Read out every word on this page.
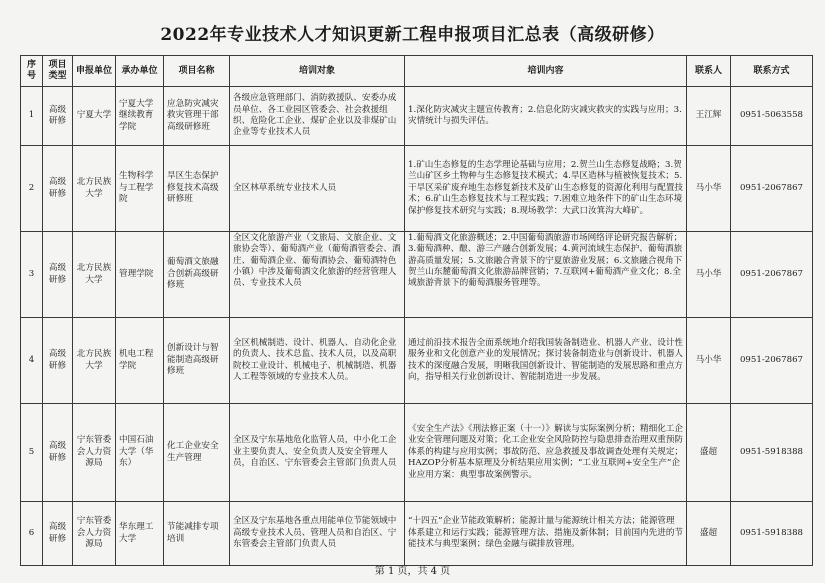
2022年专业技术人才知识更新工程申报项目汇总表（高级研修）
序号	项目类型	申报单位	承办单位	项目名称	培训对象	培训内容	联系人	联系方式
1	高级研修	宁夏大学	宁夏大学继续教育学院	应急防灾减灾救灾管理干部高级研修班	各级应急管理部门、消防救援队、安委办成员单位、各工业园区管委会、社会救援组织、危险化工企业、煤矿企业以及非煤矿山企业等专业技术人员	1.深化防灾减灾主题宣传教育；2.信息化防灾减灾救灾的实践与应用；3.灾情统计与损失评估。	王江辉	0951-5063558
2	高级研修	北方民族大学	生物科学与工程学院	旱区生态保护修复技术高级研修班	全区林草系统专业技术人员	1.矿山生态修复的生态学理论基础与应用；2.贺兰山生态修复战略；3.贺兰山矿区乡土物种与生态修复技术模式；4.旱区造林与植被恢复技术；5.干旱区采矿废弃地生态修复新技术及矿山生态修复的资源化利用与配置技术；6.矿山生态修复技术与工程实践；7.困难立地条件下的矿山生态环境保护修复技术研究与实践；8.现场教学：大武口汝箕沟大峰矿。	马小华	0951-2067867
3	高级研修	北方民族大学	管理学院	葡萄酒文旅融合创新高级研修班	全区文化旅游产业（文旅局、文旅企业、文旅协会等）、葡萄酒产业（葡萄酒管委会、酒庄、葡萄酒企业、葡萄酒协会、葡萄酒特色小镇）中涉及葡萄酒文化旅游的经营管理人员、专业技术人员	1.葡萄酒文化旅游概述；2.中国葡萄酒旅游市场网络评论研究报告解析；3.葡萄酒种、酿、游三产融合创新发展；4.黄河流域生态保护、葡萄酒旅游高质量发展；5.文旅融合背景下的宁夏旅游业发展；6.文旅融合视角下贺兰山东麓葡萄酒文化旅游品牌营销；7.互联网+葡萄酒产业文化；8.全域旅游背景下的葡萄酒服务管理等。	马小华	0951-2067867
4	高级研修	北方民族大学	机电工程学院	创新设计与智能制造高级研修班	全区机械制造、设计、机器人、自动化企业的负责人、技术总监、技术人员，以及高职院校工业设计、机械电子、机械制造、机器人工程等领域的专业技术人员。	通过前沿技术报告全面系统地介绍我国装备制造业、机器人产业、设计性服务业和文化创意产业的发展情况；探讨装备制造业与创新设计、机器人技术的深度融合发展，明晰我国创新设计、智能制造的发展思路和重点方向，指导相关行业创新设计、智能制造进一步发展。	马小华	0951-2067867
5	高级研修	宁东管委会人力资源局	中国石油大学（华东）	化工企业安全生产管理	全区及宁东基地危化监管人员，中小化工企业主要负责人、安全负责人及安全管理人员，自治区、宁东管委会主管部门负责人员	《安全生产法》《刑法修正案（十一）》解读与实际案例分析；精细化工企业安全管理问题及对策；化工企业安全风险防控与隐患排查治理双重预防体系的构建与应用实例；事故防范、应急救援及事故调查处理有关规定；HAZOP分析基本原理及分析结果应用实例；“工业互联网+安全生产”企业应用方案：典型事故案例警示。	盛超	0951-5918388
6	高级研修	宁东管委会人力资源局	华东理工大学	节能减排专项培训	全区及宁东基地各重点用能单位节能领域中高级专业技术人员、管理人员和自治区、宁东管委会主管部门负责人员	“十四五”企业节能政策解析；能源计量与能源统计相关方法；能源管理体系建立和运行实践；能源管理方法、措施及新体制；目前国内先进的节能技术与典型案例；绿色金融与碳排放管理。	盛超	0951-5918388
第 1 页，共 4 页
